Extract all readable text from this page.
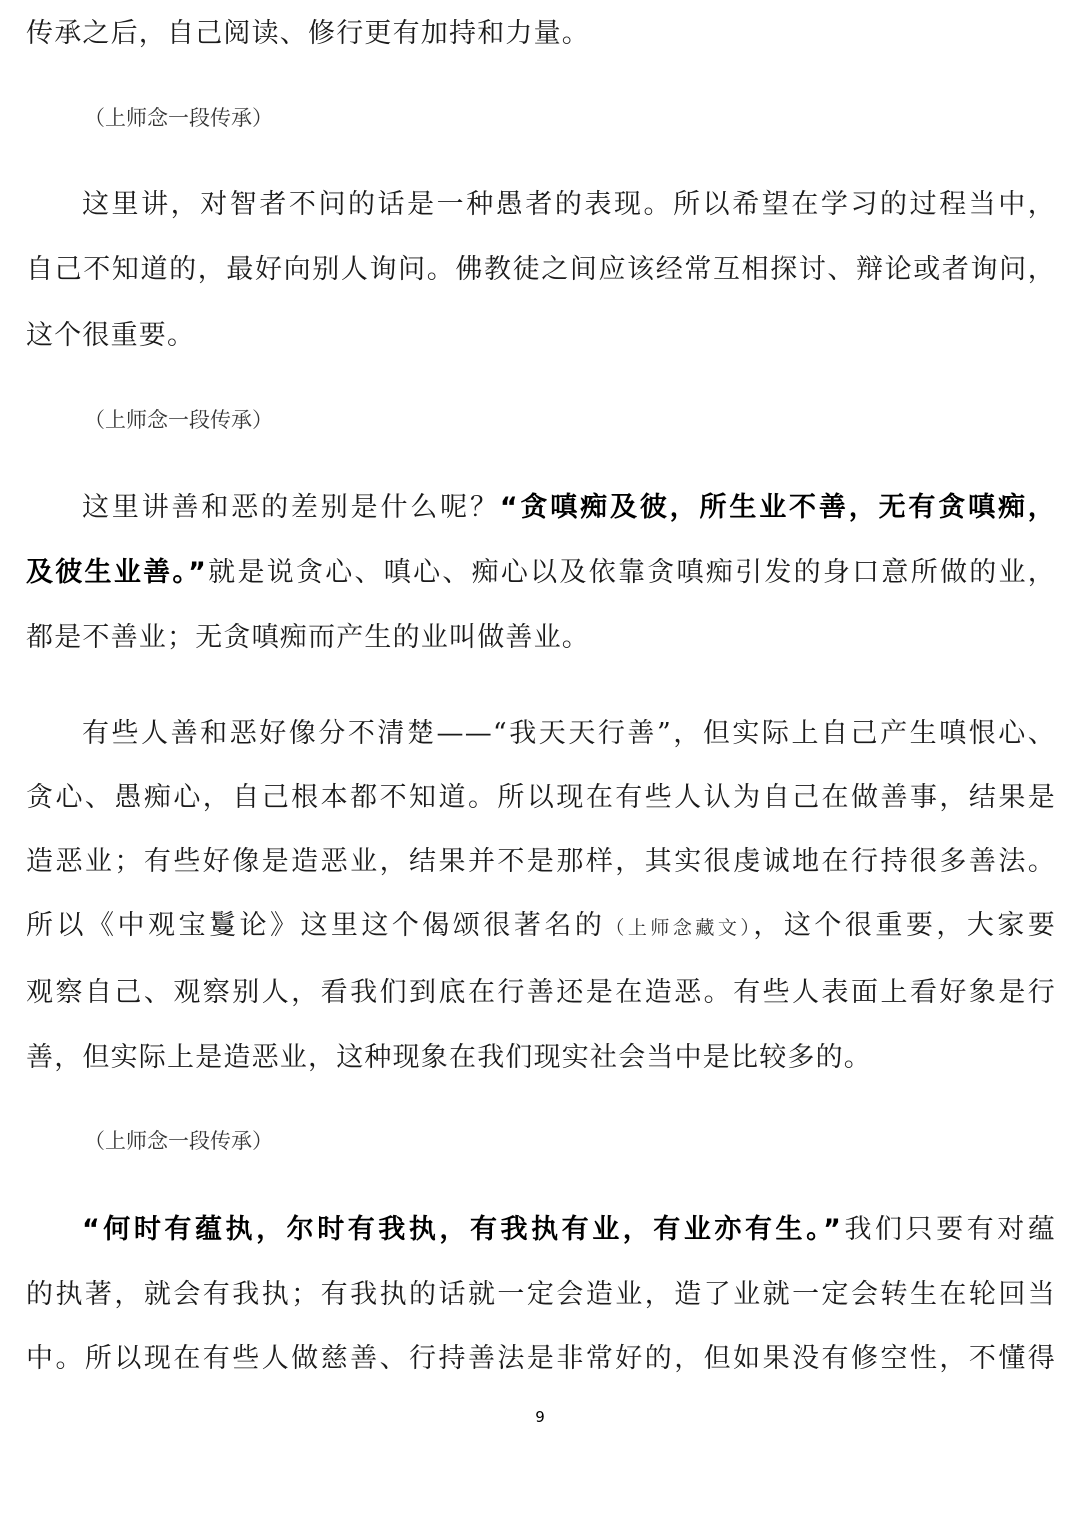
传承之后，自己阅读、修行更有加持和力量。
（上师念一段传承）
这里讲，对智者不问的话是一种愚者的表现。所以希望在学习的过程当中，
自己不知道的，最好向别人询问。佛教徒之间应该经常互相探讨、辩论或者询问，
这个很重要。
（上师念一段传承）
这里讲善和恶的差别是什么呢？“贪嗔痴及彼，所生业不善，无有贪嗔痴，
及彼生业善。”就是说贪心、嗔心、痴心以及依靠贪嗔痴引发的身口意所做的业，
都是不善业；无贪嗔痴而产生的业叫做善业。
有些人善和恶好像分不清楚——“我天天行善”，但实际上自己产生嗔恨心、
贪心、愚痴心，自己根本都不知道。所以现在有些人认为自己在做善事，结果是
造恶业；有些好像是造恶业，结果并不是那样，其实很虔诚地在行持很多善法。
所以《中观宝鬘论》这里这个偈颂很著名的（上师念藏文），这个很重要，大家要
观察自己、观察别人，看我们到底在行善还是在造恶。有些人表面上看好象是行
善，但实际上是造恶业，这种现象在我们现实社会当中是比较多的。
（上师念一段传承）
“何时有蕴执，尔时有我执，有我执有业，有业亦有生。”我们只要有对蕴
的执著，就会有我执；有我执的话就一定会造业，造了业就一定会转生在轮回当
中。所以现在有些人做慈善、行持善法是非常好的，但如果没有修空性，不懂得
9
